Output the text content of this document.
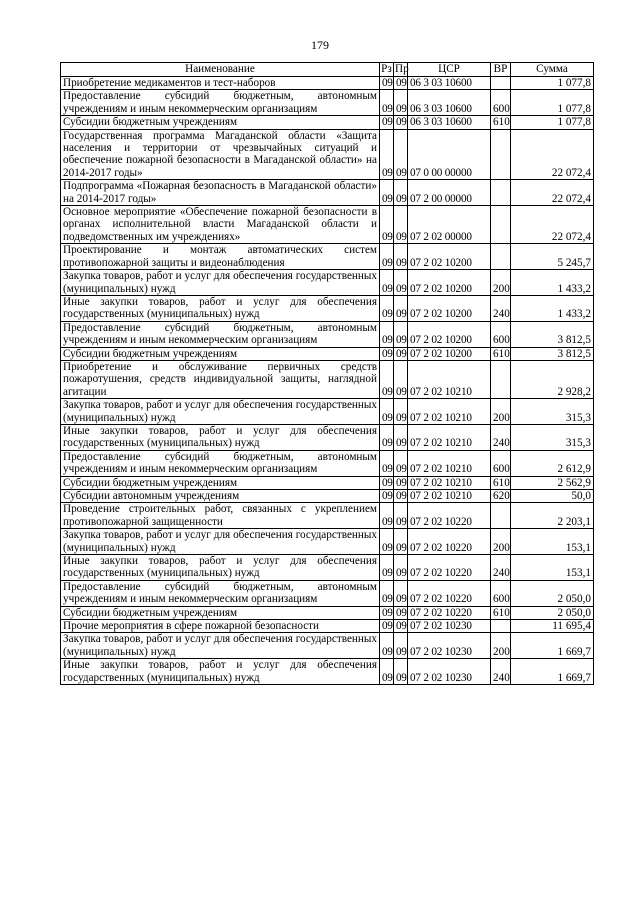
179
Наименование	Рз	Пр	ЦСР	ВР	Сумма
Приобретение медикаментов и тест-наборов	09	09	06 3 03 10600		1 077,8
Предоставление субсидий бюджетным, автономным учреждениям и иным некоммерческим организациям	09	09	06 3 03 10600	600	1 077,8
Субсидии бюджетным учреждениям	09	09	06 3 03 10600	610	1 077,8
Государственная программа Магаданской области «Защита населения и территории от чрезвычайных ситуаций и обеспечение пожарной безопасности в Магаданской области» на 2014-2017 годы»	09	09	07 0 00 00000		22 072,4
Подпрограмма «Пожарная безопасность в Магаданской области» на 2014-2017 годы»	09	09	07 2 00 00000		22 072,4
Основное мероприятие «Обеспечение пожарной безопасности в органах исполнительной власти Магаданской области и подведомственных им учреждениях»	09	09	07 2 02 00000		22 072,4
Проектирование и монтаж автоматических систем противопожарной защиты и видеонаблюдения	09	09	07 2 02 10200		5 245,7
Закупка товаров, работ и услуг для обеспечения государственных (муниципальных) нужд	09	09	07 2 02 10200	200	1 433,2
Иные закупки товаров, работ и услуг для обеспечения государственных (муниципальных) нужд	09	09	07 2 02 10200	240	1 433,2
Предоставление субсидий бюджетным, автономным учреждениям и иным некоммерческим организациям	09	09	07 2 02 10200	600	3 812,5
Субсидии бюджетным учреждениям	09	09	07 2 02 10200	610	3 812,5
Приобретение и обслуживание первичных средств пожаротушения, средств индивидуальной защиты, наглядной агитации	09	09	07 2 02 10210		2 928,2
Закупка товаров, работ и услуг для обеспечения государственных (муниципальных) нужд	09	09	07 2 02 10210	200	315,3
Иные закупки товаров, работ и услуг для обеспечения государственных (муниципальных) нужд	09	09	07 2 02 10210	240	315,3
Предоставление субсидий бюджетным, автономным учреждениям и иным некоммерческим организациям	09	09	07 2 02 10210	600	2 612,9
Субсидии бюджетным учреждениям	09	09	07 2 02 10210	610	2 562,9
Субсидии автономным учреждениям	09	09	07 2 02 10210	620	50,0
Проведение строительных работ, связанных с укреплением противопожарной защищенности	09	09	07 2 02 10220		2 203,1
Закупка товаров, работ и услуг для обеспечения государственных (муниципальных) нужд	09	09	07 2 02 10220	200	153,1
Иные закупки товаров, работ и услуг для обеспечения государственных (муниципальных) нужд	09	09	07 2 02 10220	240	153,1
Предоставление субсидий бюджетным, автономным учреждениям и иным некоммерческим организациям	09	09	07 2 02 10220	600	2 050,0
Субсидии бюджетным учреждениям	09	09	07 2 02 10220	610	2 050,0
Прочие мероприятия в сфере пожарной безопасности	09	09	07 2 02 10230		11 695,4
Закупка товаров, работ и услуг для обеспечения государственных (муниципальных) нужд	09	09	07 2 02 10230	200	1 669,7
Иные закупки товаров, работ и услуг для обеспечения государственных (муниципальных) нужд	09	09	07 2 02 10230	240	1 669,7
